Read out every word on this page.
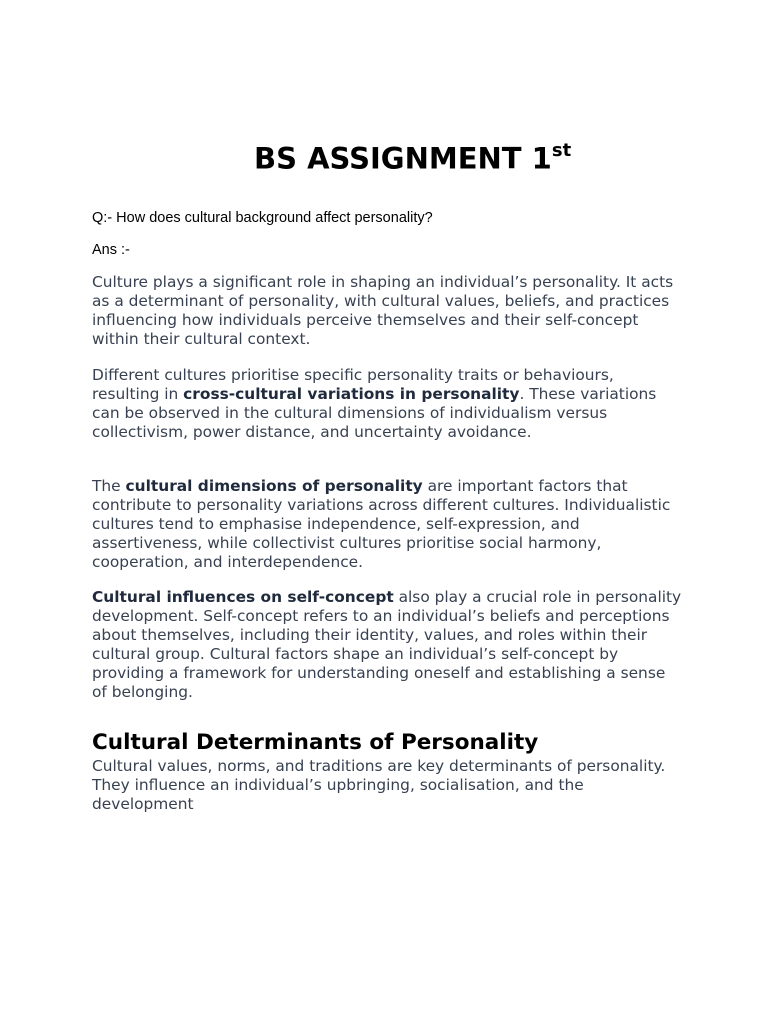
BS ASSIGNMENT 1st

Q:- How does cultural background affect personality?

Ans :-

Culture plays a significant role in shaping an individual’s personality. It acts as a determinant of personality, with cultural values, beliefs, and practices influencing how individuals perceive themselves and their self-concept within their cultural context.

Different cultures prioritise specific personality traits or behaviours, resulting in cross-cultural variations in personality. These variations can be observed in the cultural dimensions of individualism versus collectivism, power distance, and uncertainty avoidance.

The cultural dimensions of personality are important factors that contribute to personality variations across different cultures. Individualistic cultures tend to emphasise independence, self-expression, and assertiveness, while collectivist cultures prioritise social harmony, cooperation, and interdependence.

Cultural influences on self-concept also play a crucial role in personality development. Self-concept refers to an individual’s beliefs and perceptions about themselves, including their identity, values, and roles within their cultural group. Cultural factors shape an individual’s self-concept by providing a framework for understanding oneself and establishing a sense of belonging.

Cultural Determinants of Personality

Cultural values, norms, and traditions are key determinants of personality. They influence an individual’s upbringing, socialisation, and the development
